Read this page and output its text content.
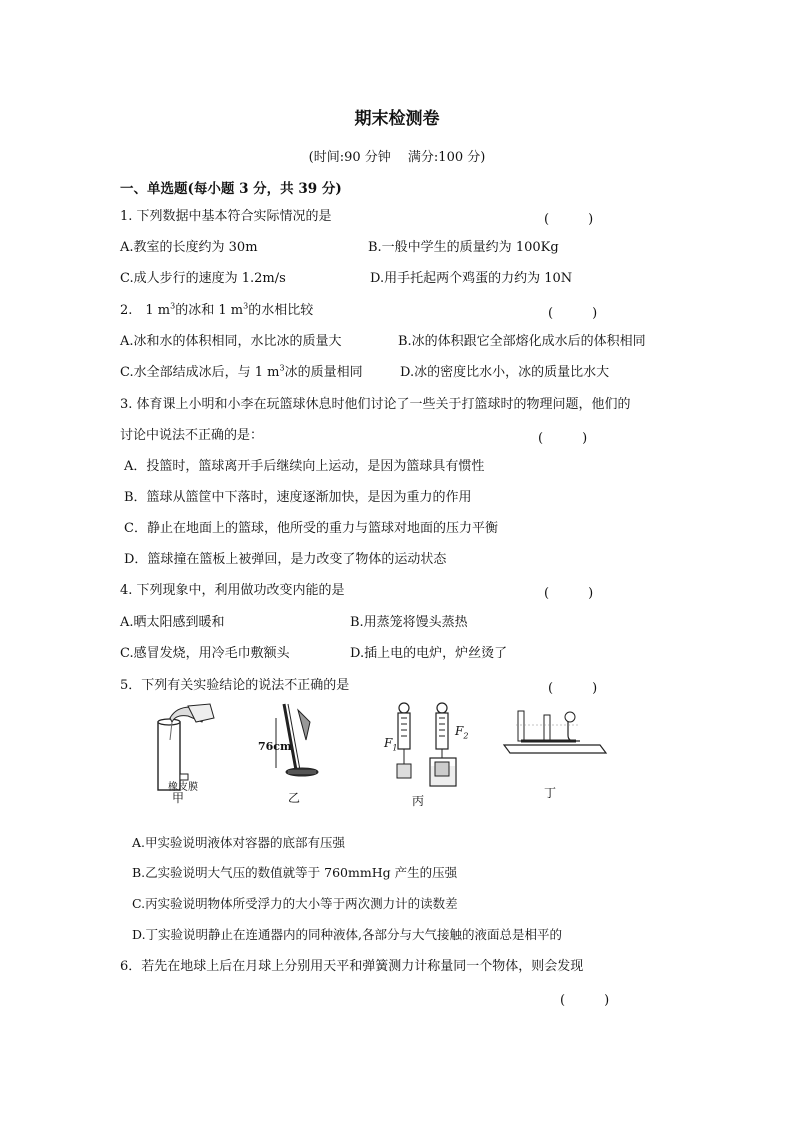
期末检测卷
(时间:90 分钟　 满分:100 分)
一、单选题(每小题 3 分，共 39 分)
1. 下列数据中基本符合实际情况的是	(　　　)
A.教室的长度约为 30m	B.一般中学生的质量约为 100Kg
C.成人步行的速度为 1.2m/s	D.用手托起两个鸡蛋的力约为 10N
2.　1 $m^3$的冰和 1 $m^3$的水相比较	(　　　)
A.冰和水的体积相同，水比冰的质量大	B.冰的体积跟它全部熔化成水后的体积相同
C.水全部结成冰后，与 1 $m^3$冰的质量相同	D.冰的密度比水小，冰的质量比水大
3. 体育课上小明和小李在玩篮球休息时他们讨论了一些关于打篮球时的物理问题，他们的
讨论中说法不正确的是：	(　　　)
A．投篮时，篮球离开手后继续向上运动，是因为篮球具有惯性
B．篮球从篮筐中下落时，速度逐渐加快，是因为重力的作用
C．静止在地面上的篮球，他所受的重力与篮球对地面的压力平衡
D．篮球撞在篮板上被弹回，是力改变了物体的运动状态
4. 下列现象中，利用做功改变内能的是	(　　　)
A.晒太阳感到暖和	B.用蒸笼将馒头蒸热
C.感冒发烧，用冷毛巾敷额头	D.插上电的电炉，炉丝烫了
5．下列有关实验结论的说法不正确的是	(　　　)
橡皮膜
甲
76cm
乙
$F_1$
$F_2$
丙
丁
A.甲实验说明液体对容器的底部有压强
B.乙实验说明大气压的数值就等于 760mmHg 产生的压强
C.丙实验说明物体所受浮力的大小等于两次测力计的读数差
D.丁实验说明静止在连通器内的同种液体,各部分与大气接触的液面总是相平的
6．若先在地球上后在月球上分别用天平和弹簧测力计称量同一个物体，则会发现
(　　　)
